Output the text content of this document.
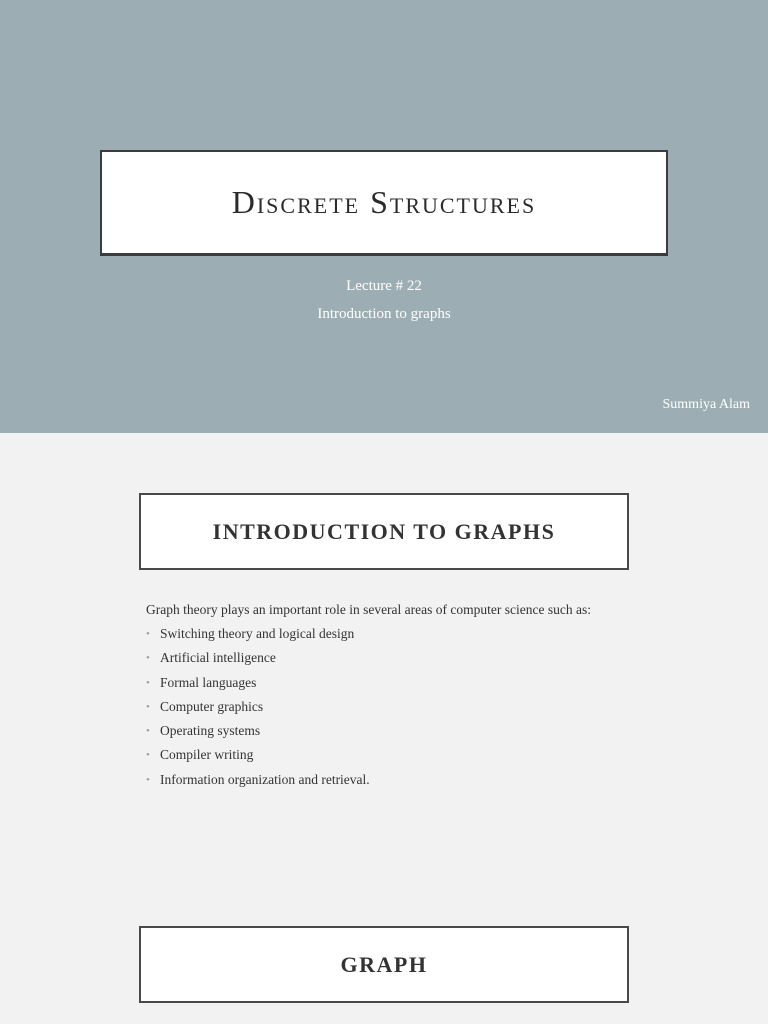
Discrete Structures
Lecture # 22
Introduction to graphs
Summiya Alam
INTRODUCTION TO GRAPHS

Graph theory plays an important role in several areas of computer science such as:

• Switching theory and logical design
• Artificial intelligence
• Formal languages
• Computer graphics
• Operating systems
• Compiler writing
• Information organization and retrieval.
GRAPH
